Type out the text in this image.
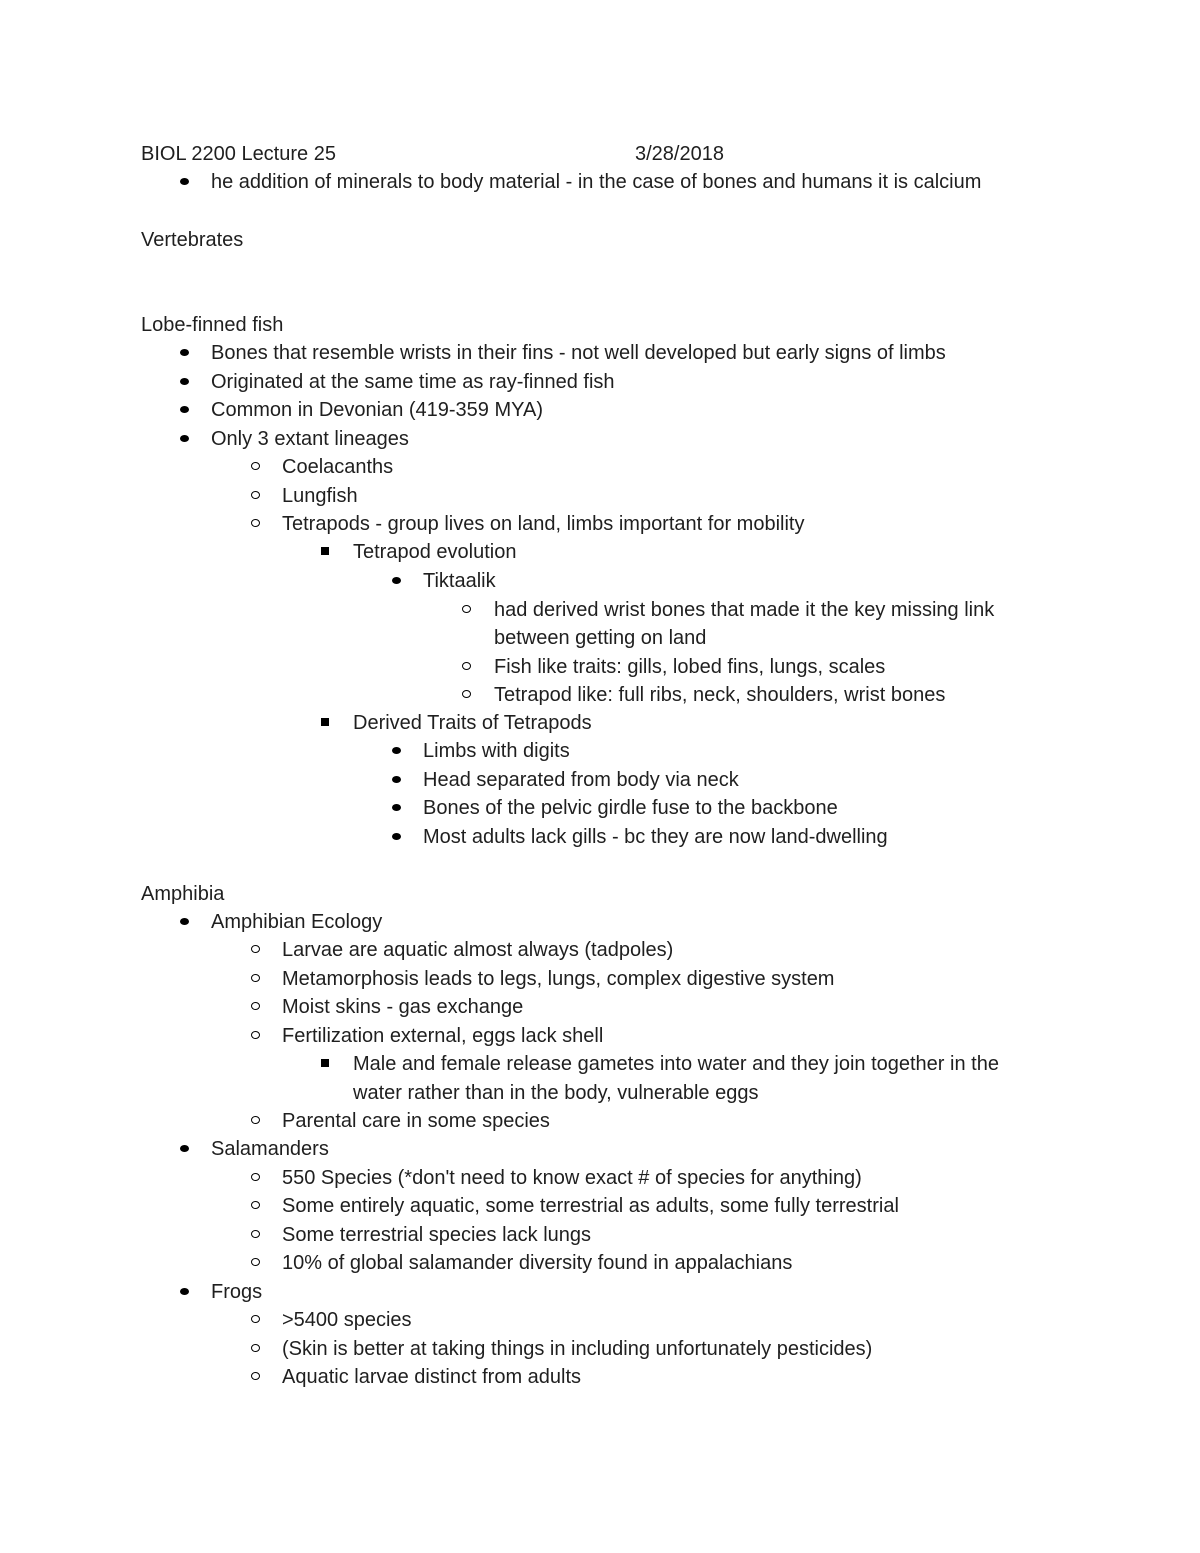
BIOL 2200 Lecture 25	3/28/2018
he addition of minerals to body material - in the case of bones and humans it is calcium
Vertebrates
Lobe-finned fish
Bones that resemble wrists in their fins - not well developed but early signs of limbs
Originated at the same time as ray-finned fish
Common in Devonian (419-359 MYA)
Only 3 extant lineages
Coelacanths
Lungfish
Tetrapods - group lives on land, limbs important for mobility
Tetrapod evolution
Tiktaalik
had derived wrist bones that made it the key missing link
between getting on land
Fish like traits: gills, lobed fins, lungs, scales
Tetrapod like: full ribs, neck, shoulders, wrist bones
Derived Traits of Tetrapods
Limbs with digits
Head separated from body via neck
Bones of the pelvic girdle fuse to the backbone
Most adults lack gills - bc they are now land-dwelling
Amphibia
Amphibian Ecology
Larvae are aquatic almost always (tadpoles)
Metamorphosis leads to legs, lungs, complex digestive system
Moist skins - gas exchange
Fertilization external, eggs lack shell
Male and female release gametes into water and they join together in the
water rather than in the body, vulnerable eggs
Parental care in some species
Salamanders
550 Species (*don't need to know exact # of species for anything)
Some entirely aquatic, some terrestrial as adults, some fully terrestrial
Some terrestrial species lack lungs
10% of global salamander diversity found in appalachians
Frogs
>5400 species
(Skin is better at taking things in including unfortunately pesticides)
Aquatic larvae distinct from adults
